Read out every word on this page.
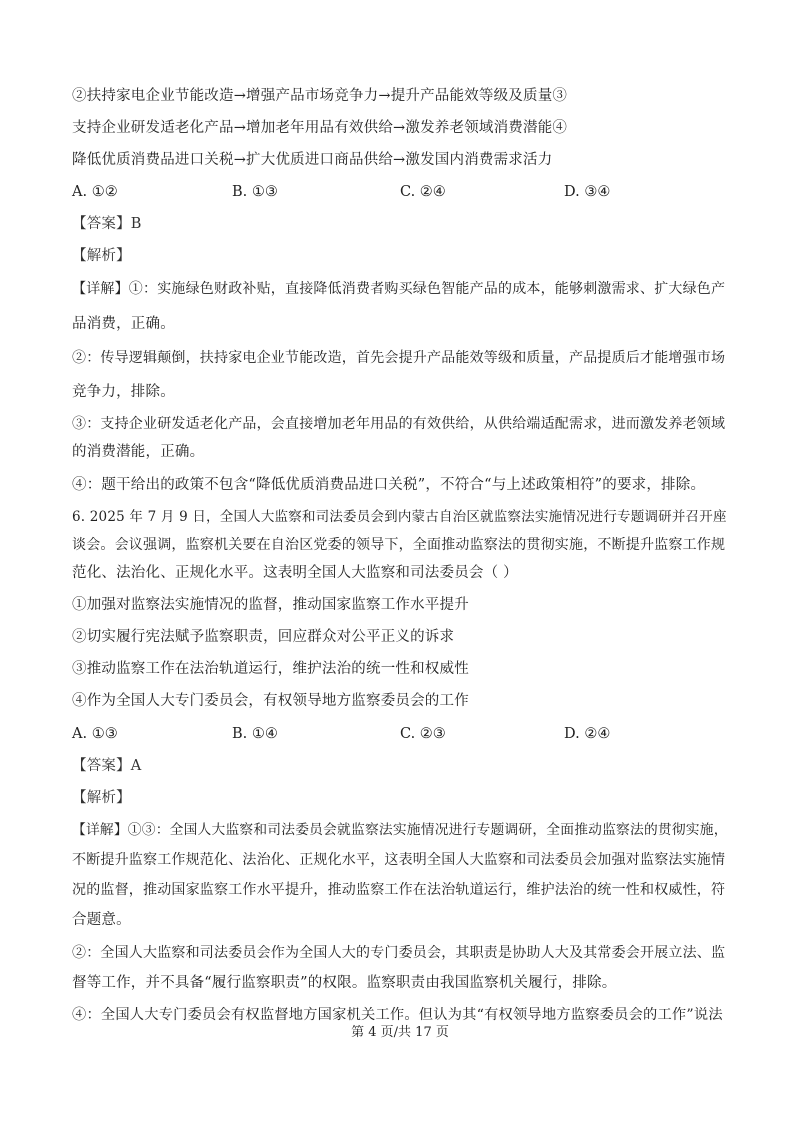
②扶持家电企业节能改造→增强产品市场竞争力→提升产品能效等级及质量③
支持企业研发适老化产品→增加老年用品有效供给→激发养老领域消费潜能④
降低优质消费品进口关税→扩大优质进口商品供给→激发国内消费需求活力
A. ①②	B. ①③	C. ②④	D. ③④
【答案】B
【解析】
【详解】①：实施绿色财政补贴，直接降低消费者购买绿色智能产品的成本，能够刺激需求、扩大绿色产
品消费，正确。
②：传导逻辑颠倒，扶持家电企业节能改造，首先会提升产品能效等级和质量，产品提质后才能增强市场
竞争力，排除。
③：支持企业研发适老化产品，会直接增加老年用品的有效供给，从供给端适配需求，进而激发养老领域
的消费潜能，正确。
④：题干给出的政策不包含“降低优质消费品进口关税”，不符合“与上述政策相符”的要求，排除。
6. 2025 年 7 月 9 日，全国人大监察和司法委员会到内蒙古自治区就监察法实施情况进行专题调研并召开座
谈会。会议强调，监察机关要在自治区党委的领导下，全面推动监察法的贯彻实施，不断提升监察工作规
范化、法治化、正规化水平。这表明全国人大监察和司法委员会（ ）
①加强对监察法实施情况的监督，推动国家监察工作水平提升
②切实履行宪法赋予监察职责，回应群众对公平正义的诉求
③推动监察工作在法治轨道运行，维护法治的统一性和权威性
④作为全国人大专门委员会，有权领导地方监察委员会的工作
A. ①③	B. ①④	C. ②③	D. ②④
【答案】A
【解析】
【详解】①③：全国人大监察和司法委员会就监察法实施情况进行专题调研，全面推动监察法的贯彻实施，
不断提升监察工作规范化、法治化、正规化水平，这表明全国人大监察和司法委员会加强对监察法实施情
况的监督，推动国家监察工作水平提升，推动监察工作在法治轨道运行，维护法治的统一性和权威性，符
合题意。
②：全国人大监察和司法委员会作为全国人大的专门委员会，其职责是协助人大及其常委会开展立法、监
督等工作，并不具备“履行监察职责”的权限。监察职责由我国监察机关履行，排除。
④：全国人大专门委员会有权监督地方国家机关工作。但认为其“有权领导地方监察委员会的工作”说法
第 4 页/共 17 页
